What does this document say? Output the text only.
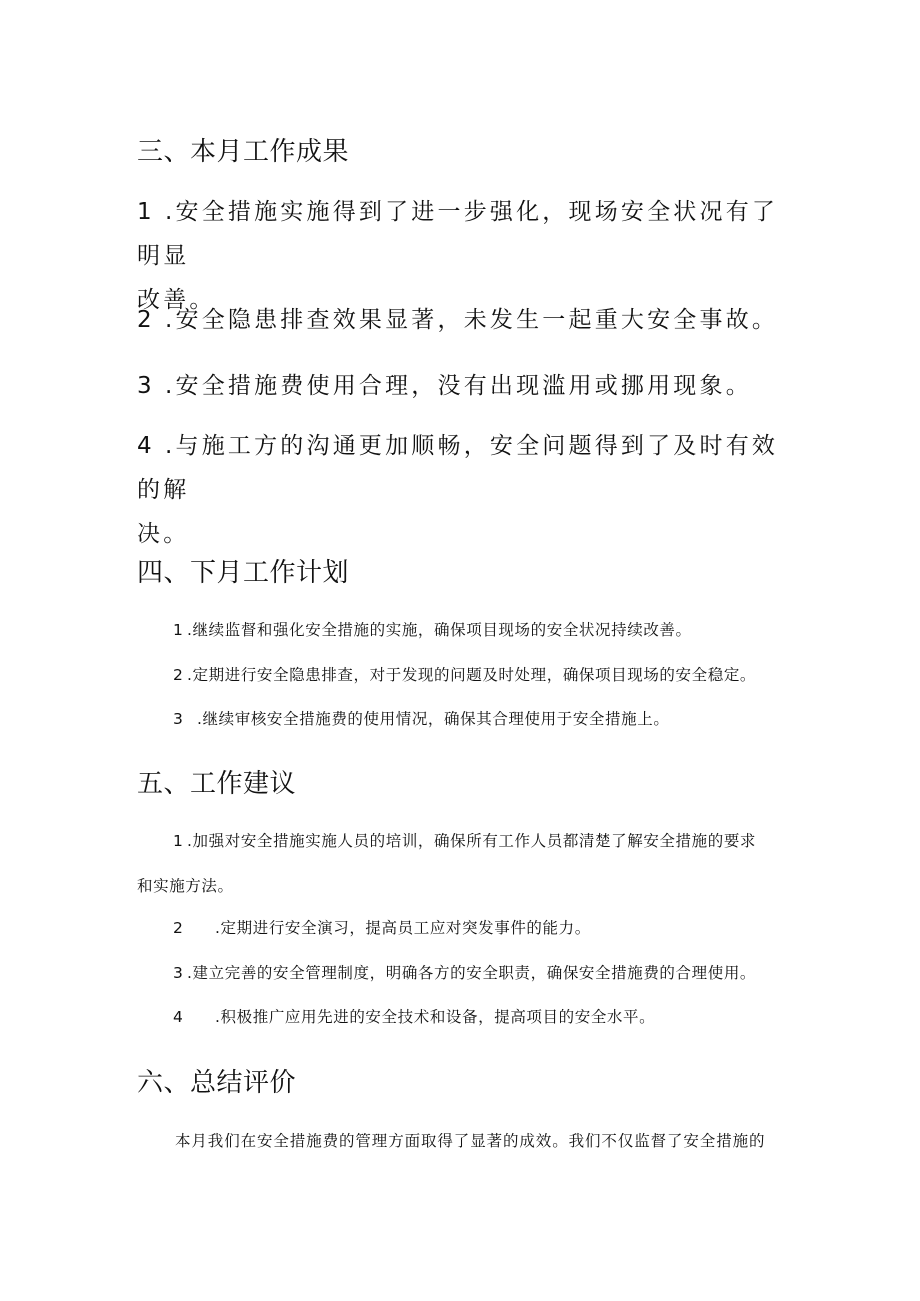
三、本月工作成果

1 .安全措施实施得到了进一步强化，现场安全状况有了明显
改善。

2 .安全隐患排查效果显著，未发生一起重大安全事故。

3 .安全措施费使用合理，没有出现滥用或挪用现象。

4 .与施工方的沟通更加顺畅，安全问题得到了及时有效的解
决。

四、下月工作计划

1 .继续监督和强化安全措施的实施，确保项目现场的安全状况持续改善。

2 .定期进行安全隐患排查，对于发现的问题及时处理，确保项目现场的安全稳定。

3 .继续审核安全措施费的使用情况，确保其合理使用于安全措施上。

五、工作建议

1 .加强对安全措施实施人员的培训，确保所有工作人员都清楚了解安全措施的要求

和实施方法。

2 .定期进行安全演习，提高员工应对突发事件的能力。

3 .建立完善的安全管理制度，明确各方的安全职责，确保安全措施费的合理使用。

4 .积极推广应用先进的安全技术和设备，提高项目的安全水平。

六、总结评价

本月我们在安全措施费的管理方面取得了显著的成效。我们不仅监督了安全措施的
